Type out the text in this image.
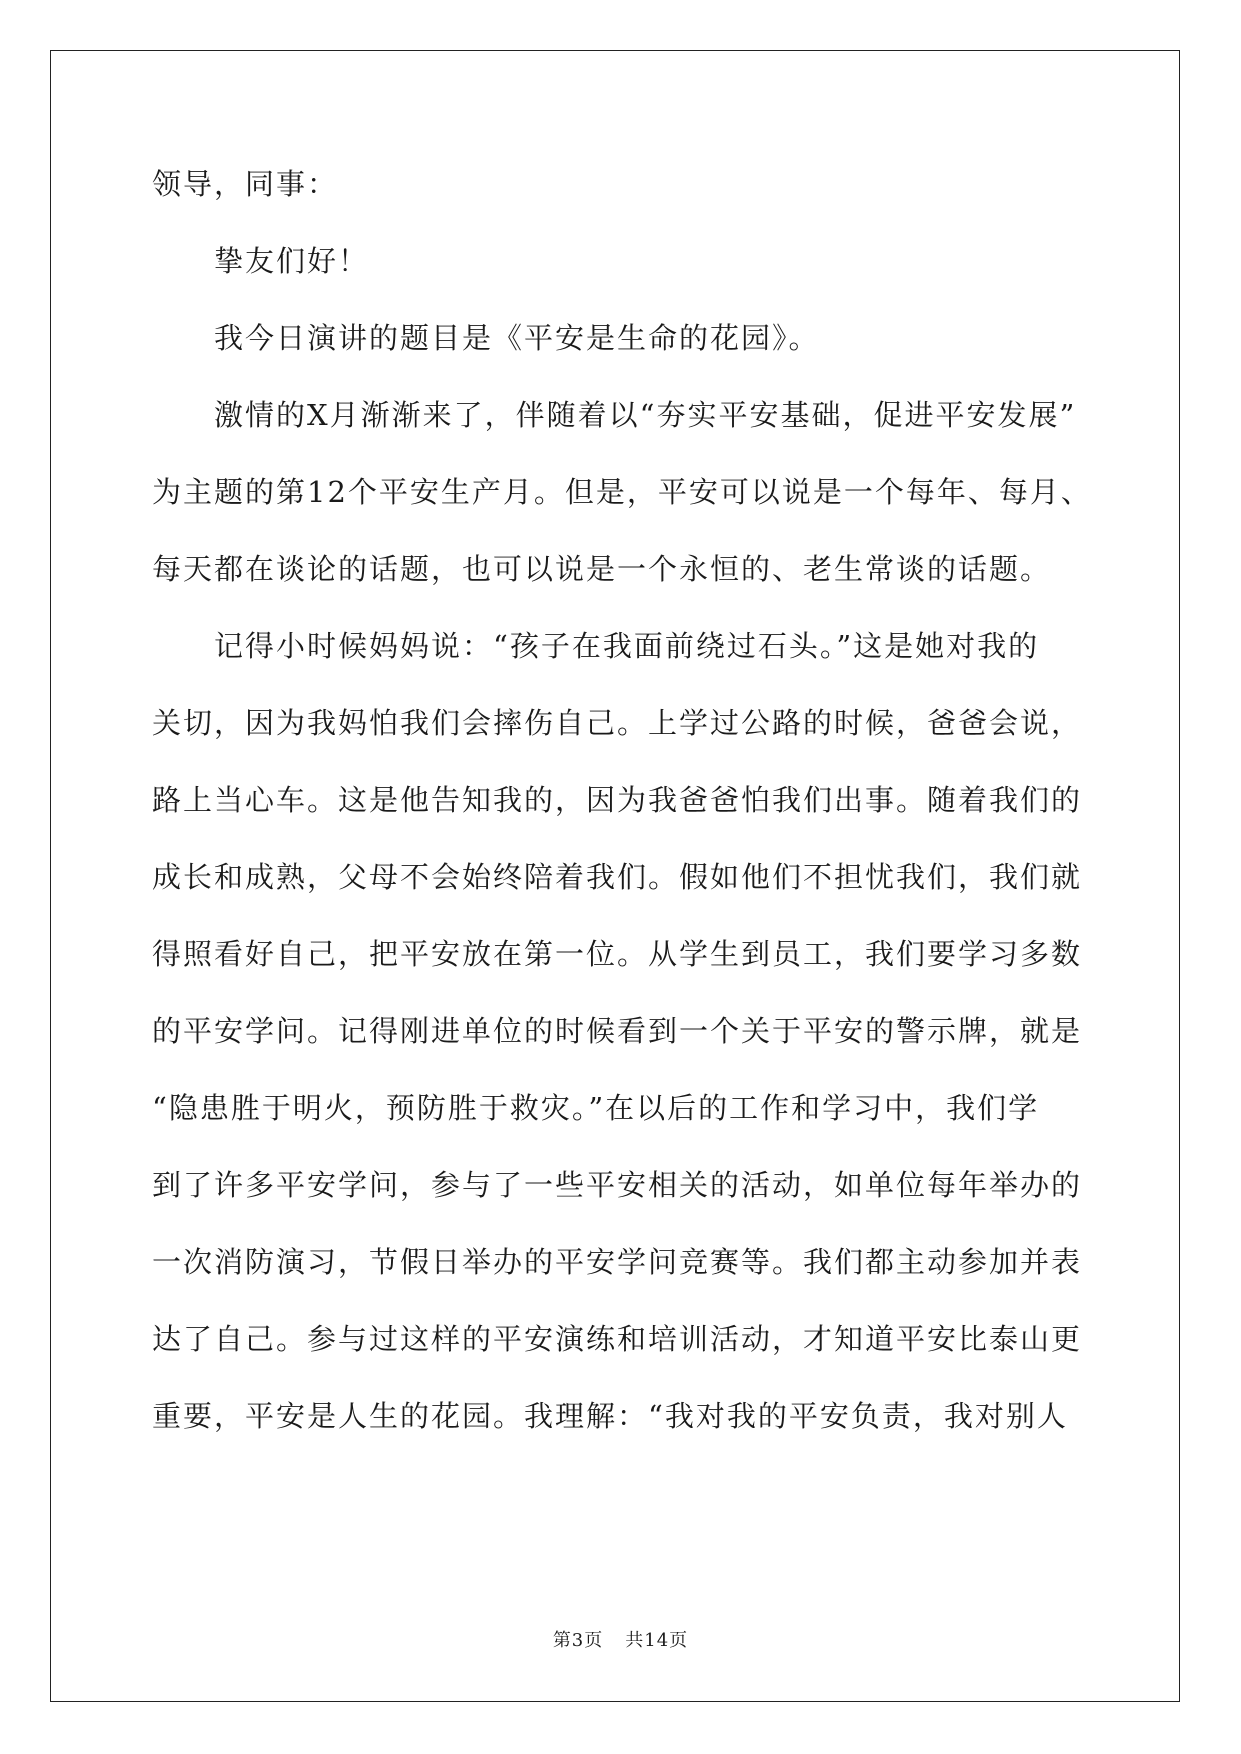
领导，同事：
挚友们好！
我今日演讲的题目是《平安是生命的花园》。
激情的X月渐渐来了，伴随着以“夯实平安基础，促进平安发展”
为主题的第12个平安生产月。但是，平安可以说是一个每年、每月、
每天都在谈论的话题，也可以说是一个永恒的、老生常谈的话题。
记得小时候妈妈说：“孩子在我面前绕过石头。”这是她对我的
关切，因为我妈怕我们会摔伤自己。上学过公路的时候，爸爸会说，
路上当心车。这是他告知我的，因为我爸爸怕我们出事。随着我们的
成长和成熟，父母不会始终陪着我们。假如他们不担忧我们，我们就
得照看好自己，把平安放在第一位。从学生到员工，我们要学习多数
的平安学问。记得刚进单位的时候看到一个关于平安的警示牌，就是
“隐患胜于明火，预防胜于救灾。”在以后的工作和学习中，我们学
到了许多平安学问，参与了一些平安相关的活动，如单位每年举办的
一次消防演习，节假日举办的平安学问竞赛等。我们都主动参加并表
达了自己。参与过这样的平安演练和培训活动，才知道平安比泰山更
重要，平安是人生的花园。我理解：“我对我的平安负责，我对别人
第3页 共14页
